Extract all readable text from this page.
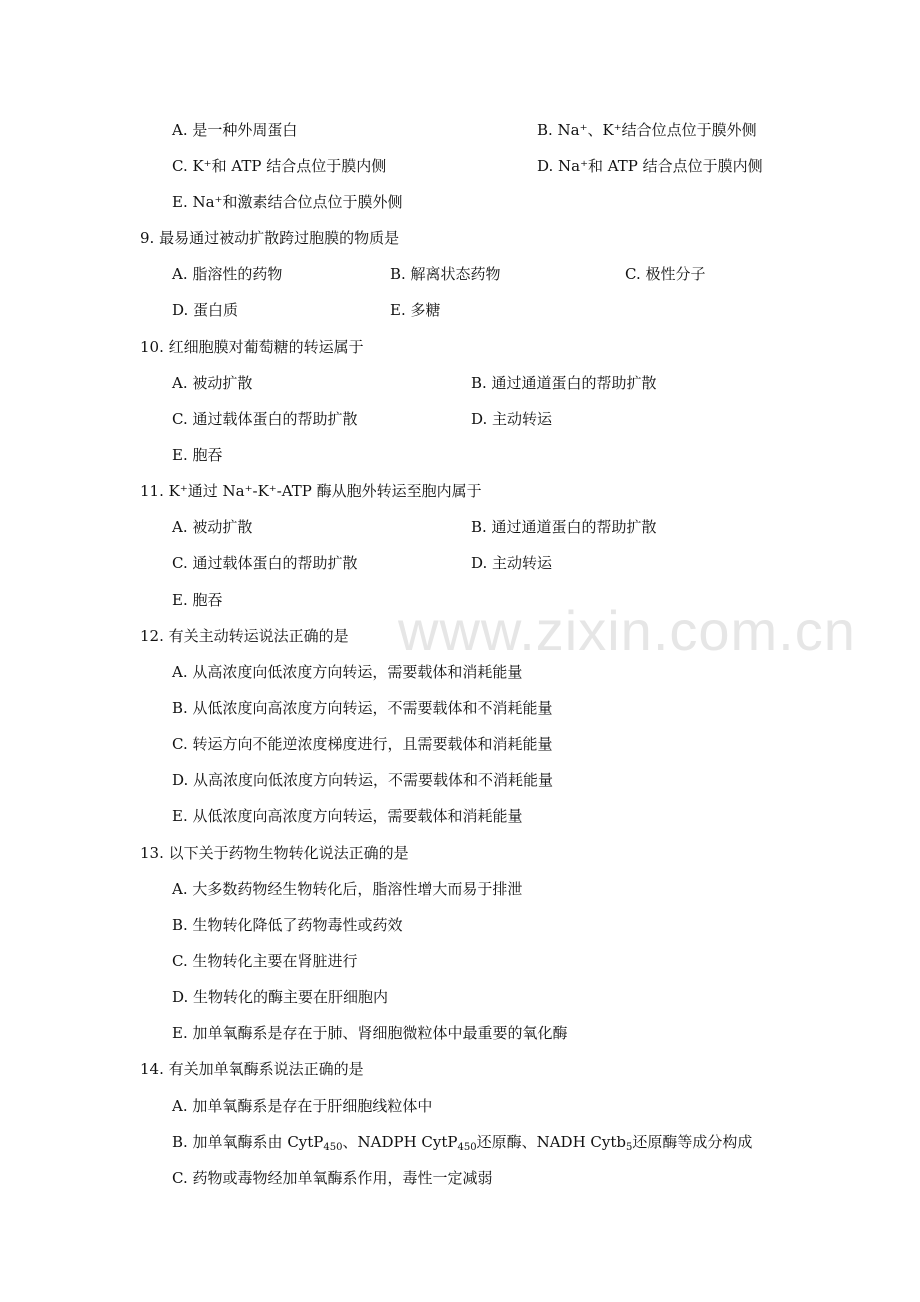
www.zixin.com.cn
A. 是一种外周蛋白	B. Na⁺、K⁺结合位点位于膜外侧
C. K⁺和 ATP 结合点位于膜内侧	D. Na⁺和 ATP 结合点位于膜内侧
E. Na⁺和激素结合位点位于膜外侧
9. 最易通过被动扩散跨过胞膜的物质是
A. 脂溶性的药物	B. 解离状态药物	C. 极性分子
D. 蛋白质	E. 多糖
10. 红细胞膜对葡萄糖的转运属于
A. 被动扩散	B. 通过通道蛋白的帮助扩散
C. 通过载体蛋白的帮助扩散	D. 主动转运
E. 胞吞
11. K⁺通过 Na⁺-K⁺-ATP 酶从胞外转运至胞内属于
A. 被动扩散	B. 通过通道蛋白的帮助扩散
C. 通过载体蛋白的帮助扩散	D. 主动转运
E. 胞吞
12. 有关主动转运说法正确的是
A. 从高浓度向低浓度方向转运，需要载体和消耗能量
B. 从低浓度向高浓度方向转运，不需要载体和不消耗能量
C. 转运方向不能逆浓度梯度进行，且需要载体和消耗能量
D. 从高浓度向低浓度方向转运，不需要载体和不消耗能量
E. 从低浓度向高浓度方向转运，需要载体和消耗能量
13. 以下关于药物生物转化说法正确的是
A. 大多数药物经生物转化后，脂溶性增大而易于排泄
B. 生物转化降低了药物毒性或药效
C. 生物转化主要在肾脏进行
D. 生物转化的酶主要在肝细胞内
E. 加单氧酶系是存在于肺、肾细胞微粒体中最重要的氧化酶
14. 有关加单氧酶系说法正确的是
A. 加单氧酶系是存在于肝细胞线粒体中
B. 加单氧酶系由 CytP$_{450}$、NADPH CytP$_{450}$还原酶、NADH Cytb$_5$还原酶等成分构成
C. 药物或毒物经加单氧酶系作用，毒性一定减弱
